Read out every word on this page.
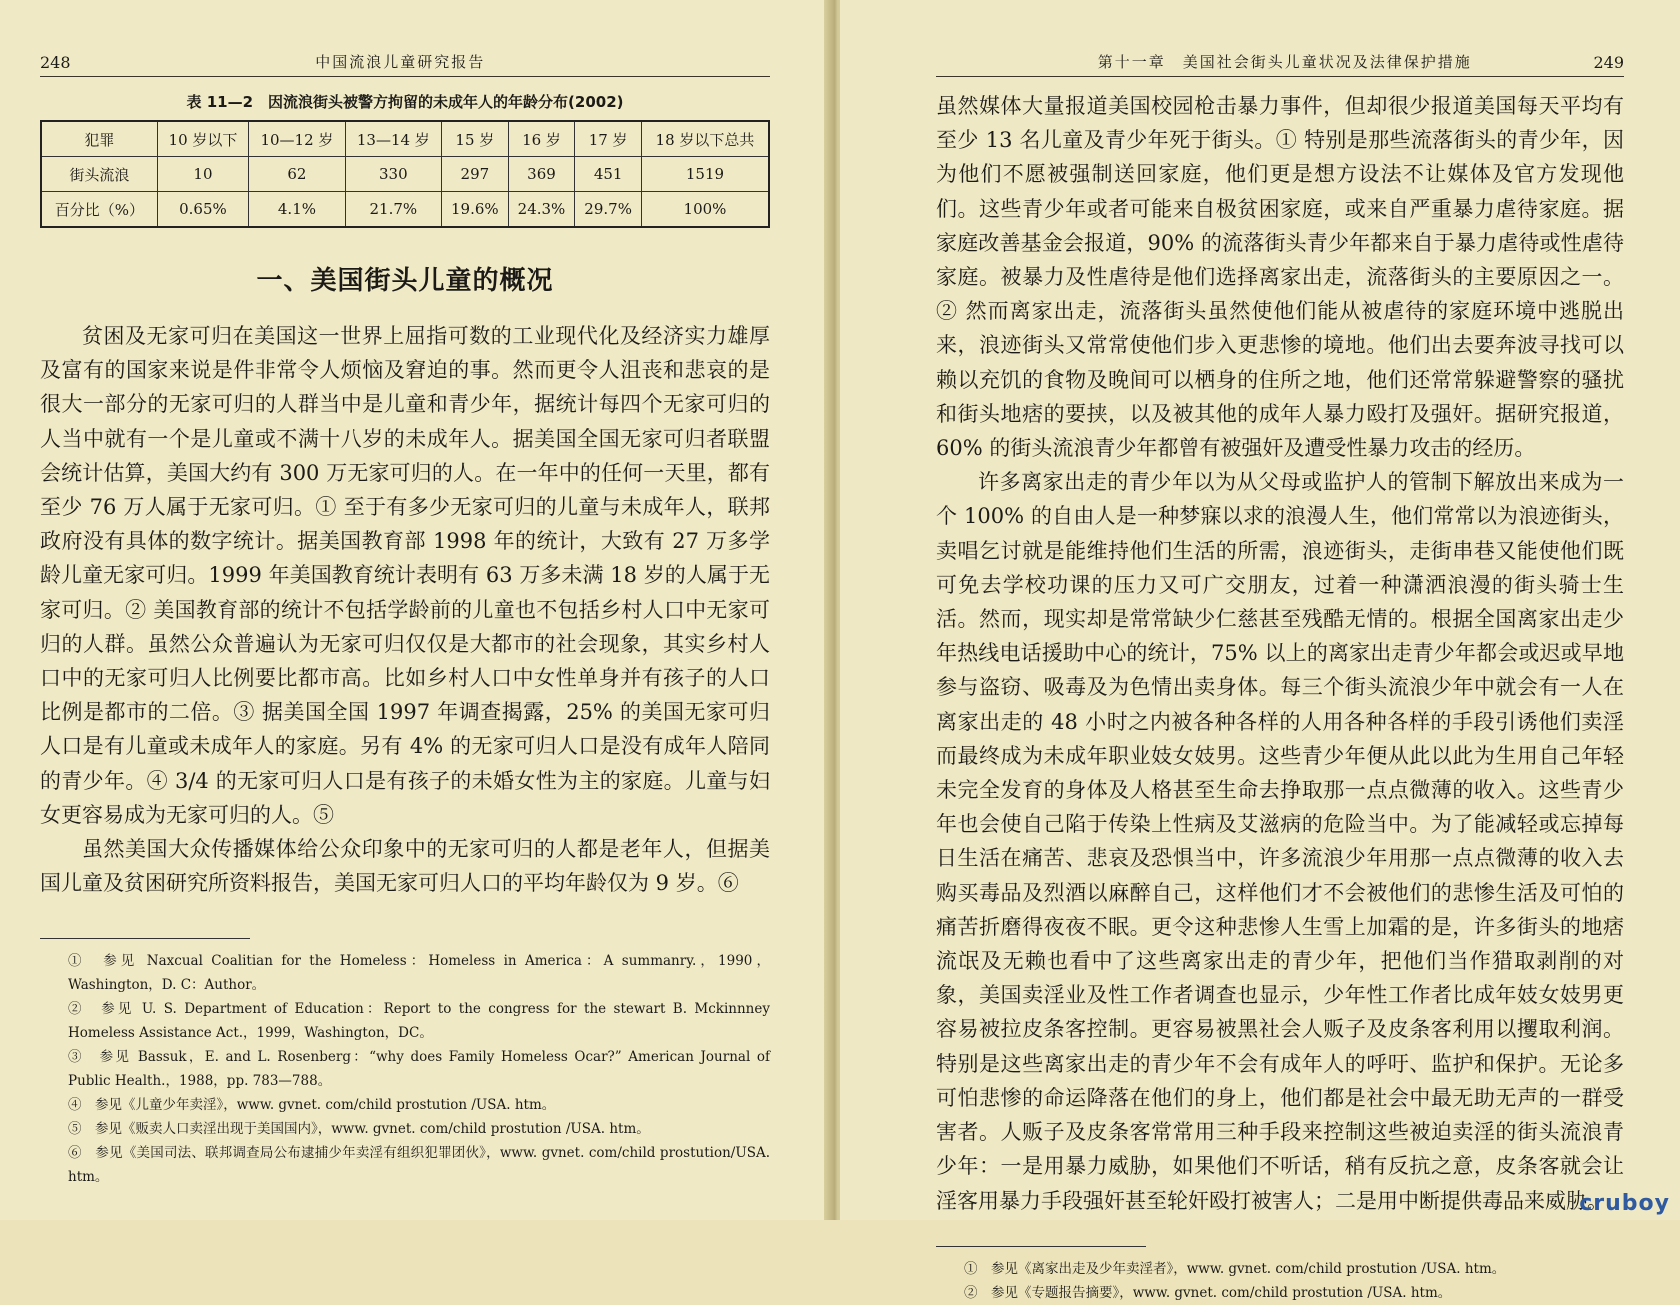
248	中国流浪儿童研究报告
表 11—2　因流浪街头被警方拘留的未成年人的年龄分布(2002)
犯罪	10 岁以下	10—12 岁	13—14 岁	15 岁	16 岁	17 岁	18 岁以下总共
街头流浪	10	62	330	297	369	451	1519
百分比（%）	0.65%	4.1%	21.7%	19.6%	24.3%	29.7%	100%
一、美国街头儿童的概况

贫困及无家可归在美国这一世界上屈指可数的工业现代化及经济实力雄厚及富有的国家来说是件非常令人烦恼及窘迫的事。然而更令人沮丧和悲哀的是很大一部分的无家可归的人群当中是儿童和青少年，据统计每四个无家可归的人当中就有一个是儿童或不满十八岁的未成年人。据美国全国无家可归者联盟会统计估算，美国大约有 300 万无家可归的人。在一年中的任何一天里，都有至少 76 万人属于无家可归。① 至于有多少无家可归的儿童与未成年人，联邦政府没有具体的数字统计。据美国教育部 1998 年的统计，大致有 27 万多学龄儿童无家可归。1999 年美国教育统计表明有 63 万多未满 18 岁的人属于无家可归。② 美国教育部的统计不包括学龄前的儿童也不包括乡村人口中无家可归的人群。虽然公众普遍认为无家可归仅仅是大都市的社会现象，其实乡村人口中的无家可归人比例要比都市高。比如乡村人口中女性单身并有孩子的人口比例是都市的二倍。③ 据美国全国 1997 年调查揭露，25% 的美国无家可归人口是有儿童或未成年人的家庭。另有 4% 的无家可归人口是没有成年人陪同的青少年。④ 3/4 的无家可归人口是有孩子的未婚女性为主的家庭。儿童与妇女更容易成为无家可归的人。⑤

虽然美国大众传播媒体给公众印象中的无家可归的人都是老年人，但据美国儿童及贫困研究所资料报告，美国无家可归人口的平均年龄仅为 9 岁。⑥

①　参见 Naxcual Coalitian for the Homeless：Homeless in America：A summanry.，1990，Washington，D. C：Author。

②　参见 U. S. Department of Education：Report to the congress for the stewart B. Mckinnney Homeless Assistance Act.，1999，Washington，DC。

③　参见 Bassuk，E. and L. Rosenberg：“why does Family Homeless Ocar?” American Journal of Public Health.，1988，pp. 783—788。

④　参见《儿童少年卖淫》，www. gvnet. com/child prostution /USA. htm。

⑤　参见《贩卖人口卖淫出现于美国国内》，www. gvnet. com/child prostution /USA. htm。

⑥　参见《美国司法、联邦调查局公布逮捕少年卖淫有组织犯罪团伙》，www. gvnet. com/child prostution/USA. htm。

第十一章　美国社会街头儿童状况及法律保护措施	249

虽然媒体大量报道美国校园枪击暴力事件，但却很少报道美国每天平均有至少 13 名儿童及青少年死于街头。① 特别是那些流落街头的青少年，因为他们不愿被强制送回家庭，他们更是想方设法不让媒体及官方发现他们。这些青少年或者可能来自极贫困家庭，或来自严重暴力虐待家庭。据家庭改善基金会报道，90% 的流落街头青少年都来自于暴力虐待或性虐待家庭。被暴力及性虐待是他们选择离家出走，流落街头的主要原因之一。② 然而离家出走，流落街头虽然使他们能从被虐待的家庭环境中逃脱出来，浪迹街头又常常使他们步入更悲惨的境地。他们出去要奔波寻找可以赖以充饥的食物及晚间可以栖身的住所之地，他们还常常躲避警察的骚扰和街头地痞的要挟，以及被其他的成年人暴力殴打及强奸。据研究报道，60% 的街头流浪青少年都曾有被强奸及遭受性暴力攻击的经历。

许多离家出走的青少年以为从父母或监护人的管制下解放出来成为一个 100% 的自由人是一种梦寐以求的浪漫人生，他们常常以为浪迹街头，卖唱乞讨就是能维持他们生活的所需，浪迹街头，走街串巷又能使他们既可免去学校功课的压力又可广交朋友，过着一种潇洒浪漫的街头骑士生活。然而，现实却是常常缺少仁慈甚至残酷无情的。根据全国离家出走少年热线电话援助中心的统计，75% 以上的离家出走青少年都会或迟或早地参与盗窃、吸毒及为色情出卖身体。每三个街头流浪少年中就会有一人在离家出走的 48 小时之内被各种各样的人用各种各样的手段引诱他们卖淫而最终成为未成年职业妓女妓男。这些青少年便从此以此为生用自己年轻未完全发育的身体及人格甚至生命去挣取那一点点微薄的收入。这些青少年也会使自己陷于传染上性病及艾滋病的危险当中。为了能减轻或忘掉每日生活在痛苦、悲哀及恐惧当中，许多流浪少年用那一点点微薄的收入去购买毒品及烈酒以麻醉自己，这样他们才不会被他们的悲惨生活及可怕的痛苦折磨得夜夜不眠。更令这种悲惨人生雪上加霜的是，许多街头的地痞流氓及无赖也看中了这些离家出走的青少年，把他们当作猎取剥削的对象，美国卖淫业及性工作者调查也显示，少年性工作者比成年妓女妓男更容易被拉皮条客控制。更容易被黑社会人贩子及皮条客利用以攫取利润。特别是这些离家出走的青少年不会有成年人的呼吁、监护和保护。无论多可怕悲惨的命运降落在他们的身上，他们都是社会中最无助无声的一群受害者。人贩子及皮条客常常用三种手段来控制这些被迫卖淫的街头流浪青少年：一是用暴力威胁，如果他们不听话，稍有反抗之意，皮条客就会让淫客用暴力手段强奸甚至轮奸殴打被害人；二是用中断提供毒品来威胁。

①　参见《离家出走及少年卖淫者》，www. gvnet. com/child prostution /USA. htm。

②　参见《专题报告摘要》，www. gvnet. com/child prostution /USA. htm。

cruboy
